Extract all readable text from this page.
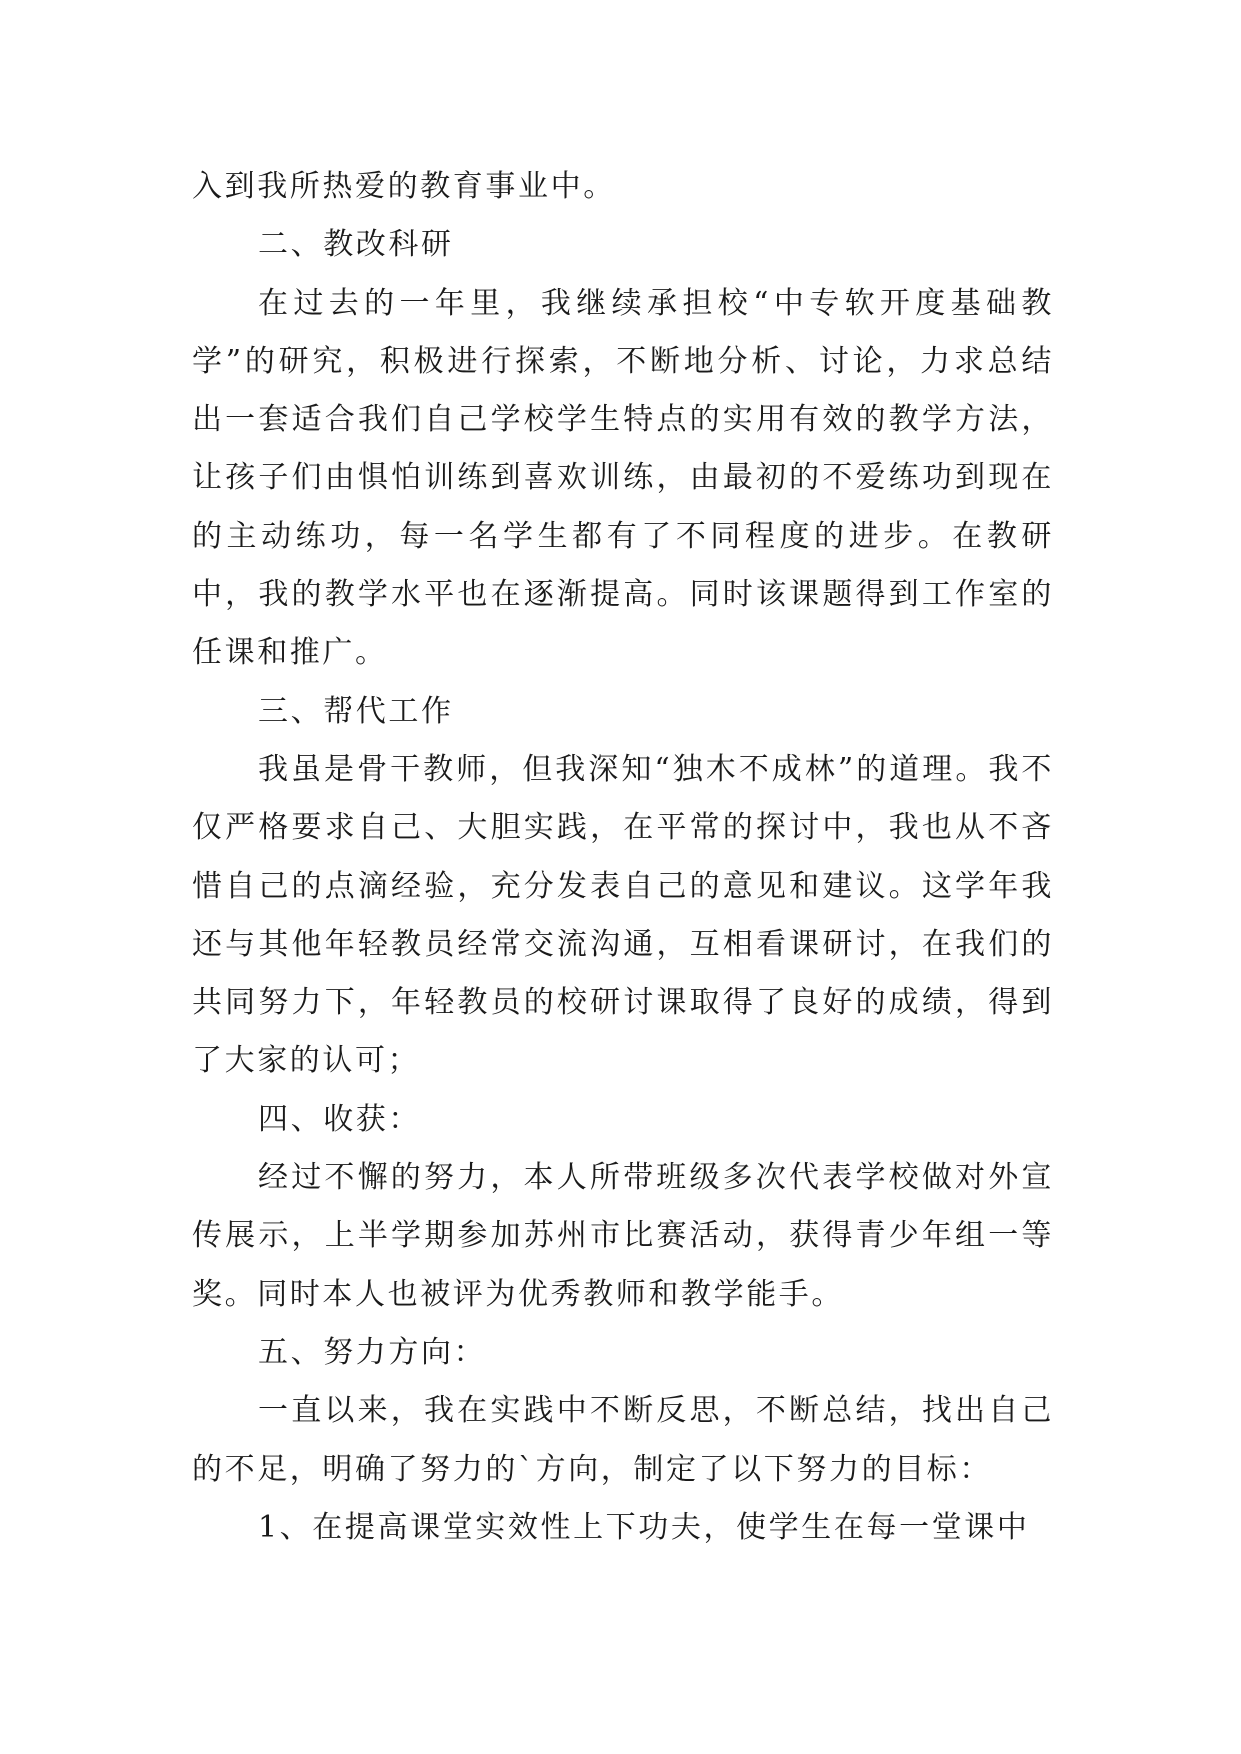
入到我所热爱的教育事业中。

二、教改科研

在过去的一年里，我继续承担校“中专软开度基础教学”的研究，积极进行探索，不断地分析、讨论，力求总结出一套适合我们自己学校学生特点的实用有效的教学方法，让孩子们由惧怕训练到喜欢训练，由最初的不爱练功到现在的主动练功，每一名学生都有了不同程度的进步。在教研中，我的教学水平也在逐渐提高。同时该课题得到工作室的任课和推广。

三、帮代工作

我虽是骨干教师，但我深知“独木不成林”的道理。我不仅严格要求自己、大胆实践，在平常的探讨中，我也从不吝惜自己的点滴经验，充分发表自己的意见和建议。这学年我还与其他年轻教员经常交流沟通，互相看课研讨，在我们的共同努力下，年轻教员的校研讨课取得了良好的成绩，得到了大家的认可；

四、收获：

经过不懈的努力，本人所带班级多次代表学校做对外宣传展示，上半学期参加苏州市比赛活动，获得青少年组一等奖。同时本人也被评为优秀教师和教学能手。

五、努力方向：

一直以来，我在实践中不断反思，不断总结，找出自己的不足，明确了努力的`方向，制定了以下努力的目标：

1、在提高课堂实效性上下功夫，使学生在每一堂课中
